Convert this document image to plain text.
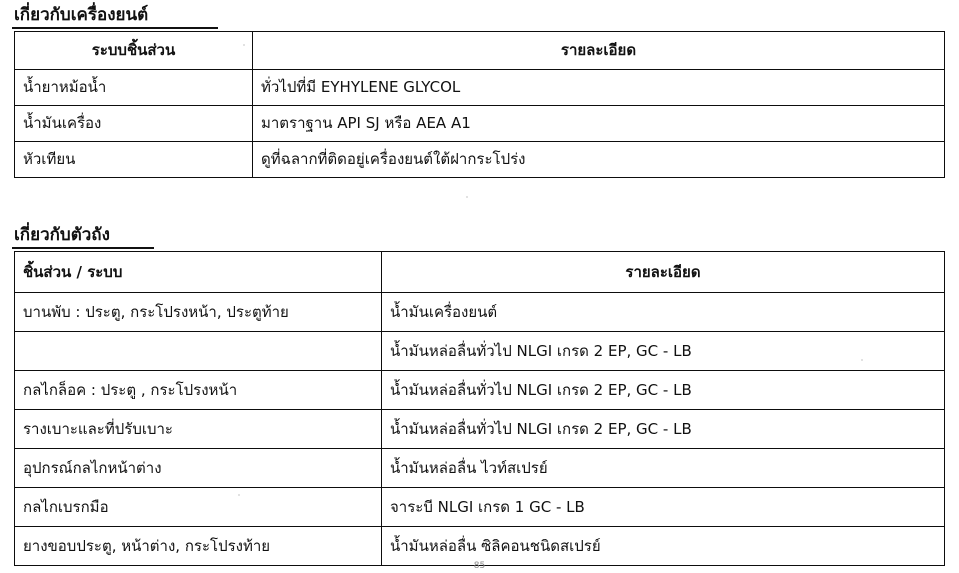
เกี่ยวกับเครื่องยนต์
ระบบชิ้นส่วน	รายละเอียด
น้ำยาหม้อน้ำ	ทั่วไปที่มี EYHYLENE GLYCOL
น้ำมันเครื่อง	มาตราฐาน API SJ หรือ AEA A1
หัวเทียน	ดูที่ฉลากที่ติดอยู่เครื่องยนต์ใต้ฝากระโปร่ง
เกี่ยวกับตัวถัง
ชิ้นส่วน / ระบบ	รายละเอียด
บานพับ : ประตู, กระโปรงหน้า, ประตูท้าย	น้ำมันเครื่องยนต์
	น้ำมันหล่อลื่นทั่วไป NLGI เกรด 2 EP, GC - LB
กลไกล็อค : ประตู , กระโปรงหน้า	น้ำมันหล่อลื่นทั่วไป NLGI เกรด 2 EP, GC - LB
รางเบาะและที่ปรับเบาะ	น้ำมันหล่อลื่นทั่วไป NLGI เกรด 2 EP, GC - LB
อุปกรณ์กลไกหน้าต่าง	น้ำมันหล่อลื่น ไวท์สเปรย์
กลไกเบรกมือ	จาระบี NLGI เกรด 1 GC - LB
ยางขอบประตู, หน้าต่าง, กระโปรงท้าย	น้ำมันหล่อลื่น ซิลิคอนชนิดสเปรย์
85
